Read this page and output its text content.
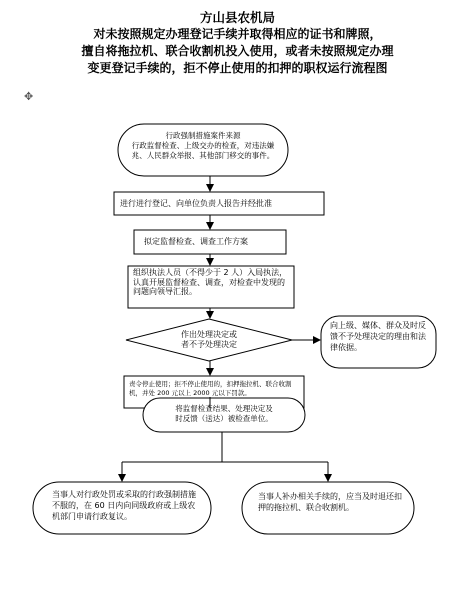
方山县农机局
对未按照规定办理登记手续并取得相应的证书和牌照，
擅自将拖拉机、联合收割机投入使用，或者未按照规定办理
变更登记手续的，拒不停止使用的扣押的职权运行流程图
✥
行政强制措施案件来源
行政监督检查、上级交办的检查，对违法嫌
兆、人民群众举报、其他部门移交的事件。
进行进行登记、向单位负责人报告并经批准
拟定监督检查、调查工作方案
组织执法人员（不得少于 2 人）入局执法，认真开展监督检查、调查，对检查中发现的问题向领导汇报。
作出处理决定或
者不予处理决定
向上级、媒体、群众及时反馈不予处理决定的理由和法律依据。
责令停止使用；拒不停止使用的，扣押拖拉机、联合收割机，并处 200 元以上 2000 元以下罚款。
将监督检查结果、处理决定及
时反馈（送达）被检查单位。
当事人对行政处罚或采取的行政强制措施不服的，在 60 日内向同级政府或上级农机部门申请行政复议。
当事人补办相关手续的，应当及时退还扣押的拖拉机、联合收割机。
